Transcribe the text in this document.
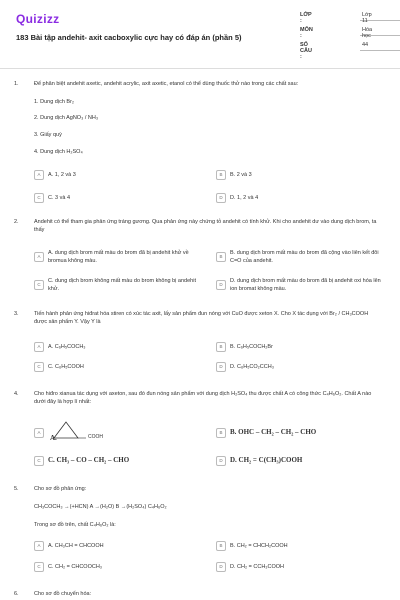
Quizizz
183 Bài tập andehit- axit cacboxylic cực hay có đáp án (phần 5)
LỚP :
Lớp 11
MÔN :
Hóa học
SỐ CÂU :
44
1.	Để phân biệt andehit axetic, andehit acrylic, axit axetic, etanol có thể dùng thuốc thử nào trong các chất sau:
1. Dung dịch Br₂
2. Dung dịch AgNO₃ / NH₃
3. Giấy quỳ
4. Dung dịch H₂SO₄
A	A. 1, 2 và 3	B	B. 2 và 3
C	C. 3 và 4	D	D. 1, 2 và 4
2.	Andehit có thể tham gia phản ứng tráng gương. Qua phản ứng này chứng tỏ andehit có tính khử. Khi cho andehit dư vào dung dịch brom, ta thấy
A
A. dung dịch brom mất màu do brom đã bị andehit khử về bromua không màu.
B
B. dung dịch brom mất màu do brom đã cộng vào liên kết đôi C=O của andehit.
C
C. dung dịch brom không mất màu do brom không bị andehit khử.
D
D. dung dịch brom mất màu do brom đã bị andehit oxi hóa lên ion bromat không màu.
3.	Tiến hành phản ứng hiđrat hóa stiren có xúc tác axit, lấy sản phẩm đun nóng với CuO được xeton X. Cho X tác dụng với Br₂ / CH₃COOH được sản phẩm Y. Vậy Y là
A	A. C₆H₅COCH₃	B	B. C₆H₅COCH₂Br
C	C. C₆H₅COOH	D	D. C₆H₅CO₂CCH₃
4.	Cho hiđro xianua tác dụng với axeton, sau đó đun nóng sản phẩm với dung dịch H₂SO₄ thu được chất A có công thức C₄H₆O₂. Chất A nào dưới đây là hợp lí nhất:
A
A.	COOH
B	B. OHC – CH₂ – CH₂ – CHO
C	C. CH₃ – CO – CH₂ – CHO	D	D. CH₂ = C(CH₃)COOH
5.	Cho sơ đồ phản ứng:
CH₃COCH₃ →(+HCN) A →(H₂O) B →(H₂SO₄) C₄H₆O₂
Trong sơ đồ trên, chất C₄H₆O₂ là:
A	A. CH₃CH = CHCOOH	B	B. CH₂ = CHCH₂COOH
C	C. CH₂ = CHCOOCH₃	D	D. CH₂ = CCH₃COOH
6.	Cho sơ đồ chuyển hóa:
